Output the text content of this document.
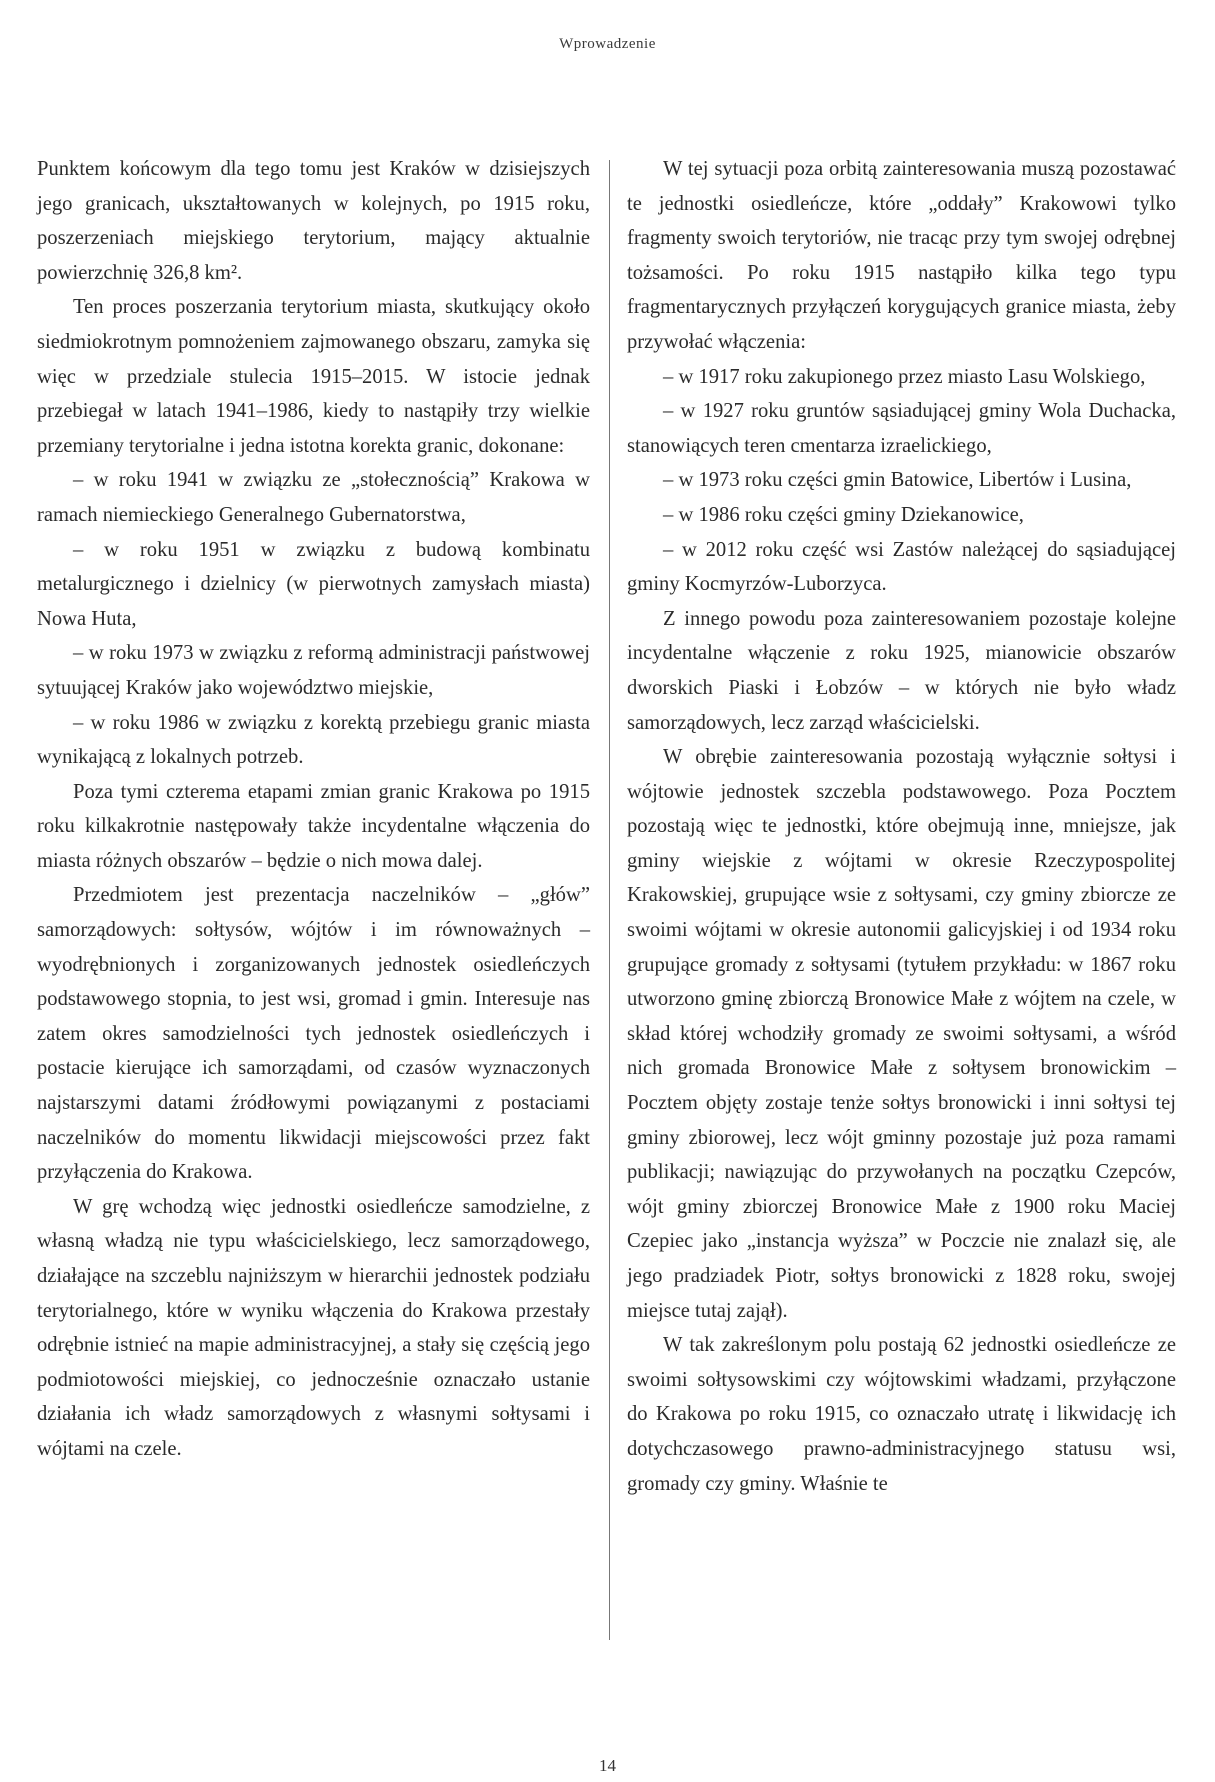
Wprowadzenie

Punktem końcowym dla tego tomu jest Kraków w dzisiejszych jego granicach, ukształtowanych w kolejnych, po 1915 roku, poszerzeniach miejskiego terytorium, mający aktualnie powierzchnię 326,8 km².

Ten proces poszerzania terytorium miasta, skutkujący około siedmiokrotnym pomnożeniem zajmowanego obszaru, zamyka się więc w przedziale stulecia 1915–2015. W istocie jednak przebiegał w latach 1941–1986, kiedy to nastąpiły trzy wielkie przemiany terytorialne i jedna istotna korekta granic, dokonane:

– w roku 1941 w związku ze „stołecznością” Krakowa w ramach niemieckiego Generalnego Gubernatorstwa,

– w roku 1951 w związku z budową kombinatu metalurgicznego i dzielnicy (w pierwotnych zamysłach miasta) Nowa Huta,

– w roku 1973 w związku z reformą administracji państwowej sytuującej Kraków jako województwo miejskie,

– w roku 1986 w związku z korektą przebiegu granic miasta wynikającą z lokalnych potrzeb.

Poza tymi czterema etapami zmian granic Krakowa po 1915 roku kilkakrotnie następowały także incydentalne włączenia do miasta różnych obszarów – będzie o nich mowa dalej.

Przedmiotem jest prezentacja naczelników – „głów” samorządowych: sołtysów, wójtów i im równoważnych – wyodrębnionych i zorganizowanych jednostek osiedleńczych podstawowego stopnia, to jest wsi, gromad i gmin. Interesuje nas zatem okres samodzielności tych jednostek osiedleńczych i postacie kierujące ich samorządami, od czasów wyznaczonych najstarszymi datami źródłowymi powiązanymi z postaciami naczelników do momentu likwidacji miejscowości przez fakt przyłączenia do Krakowa.

W grę wchodzą więc jednostki osiedleńcze samodzielne, z własną władzą nie typu właścicielskiego, lecz samorządowego, działające na szczeblu najniższym w hierarchii jednostek podziału terytorialnego, które w wyniku włączenia do Krakowa przestały odrębnie istnieć na mapie administracyjnej, a stały się częścią jego podmiotowości miejskiej, co jednocześnie oznaczało ustanie działania ich władz samorządowych z własnymi sołtysami i wójtami na czele.

W tej sytuacji poza orbitą zainteresowania muszą pozostawać te jednostki osiedleńcze, które „oddały” Krakowowi tylko fragmenty swoich terytoriów, nie tracąc przy tym swojej odrębnej tożsamości. Po roku 1915 nastąpiło kilka tego typu fragmentarycznych przyłączeń korygujących granice miasta, żeby przywołać włączenia:

– w 1917 roku zakupionego przez miasto Lasu Wolskiego,

– w 1927 roku gruntów sąsiadującej gminy Wola Duchacka, stanowiących teren cmentarza izraelickiego,

– w 1973 roku części gmin Batowice, Libertów i Lusina,

– w 1986 roku części gminy Dziekanowice,

– w 2012 roku część wsi Zastów należącej do sąsiadującej gminy Kocmyrzów-Luborzyca.

Z innego powodu poza zainteresowaniem pozostaje kolejne incydentalne włączenie z roku 1925, mianowicie obszarów dworskich Piaski i Łobzów – w których nie było władz samorządowych, lecz zarząd właścicielski.

W obrębie zainteresowania pozostają wyłącznie sołtysi i wójtowie jednostek szczebla podstawowego. Poza Pocztem pozostają więc te jednostki, które obejmują inne, mniejsze, jak gminy wiejskie z wójtami w okresie Rzeczypospolitej Krakowskiej, grupujące wsie z sołtysami, czy gminy zbiorcze ze swoimi wójtami w okresie autonomii galicyjskiej i od 1934 roku grupujące gromady z sołtysami (tytułem przykładu: w 1867 roku utworzono gminę zbiorczą Bronowice Małe z wójtem na czele, w skład której wchodziły gromady ze swoimi sołtysami, a wśród nich gromada Bronowice Małe z sołtysem bronowickim – Pocztem objęty zostaje tenże sołtys bronowicki i inni sołtysi tej gminy zbiorowej, lecz wójt gminny pozostaje już poza ramami publikacji; nawiązując do przywołanych na początku Czepców, wójt gminy zbiorczej Bronowice Małe z 1900 roku Maciej Czepiec jako „instancja wyższa” w Poczcie nie znalazł się, ale jego pradziadek Piotr, sołtys bronowicki z 1828 roku, swojej miejsce tutaj zajął).

W tak zakreślonym polu postają 62 jednostki osiedleńcze ze swoimi sołtysowskimi czy wójtowskimi władzami, przyłączone do Krakowa po roku 1915, co oznaczało utratę i likwidację ich dotychczasowego prawno-administracyjnego statusu wsi, gromady czy gminy. Właśnie te

14
